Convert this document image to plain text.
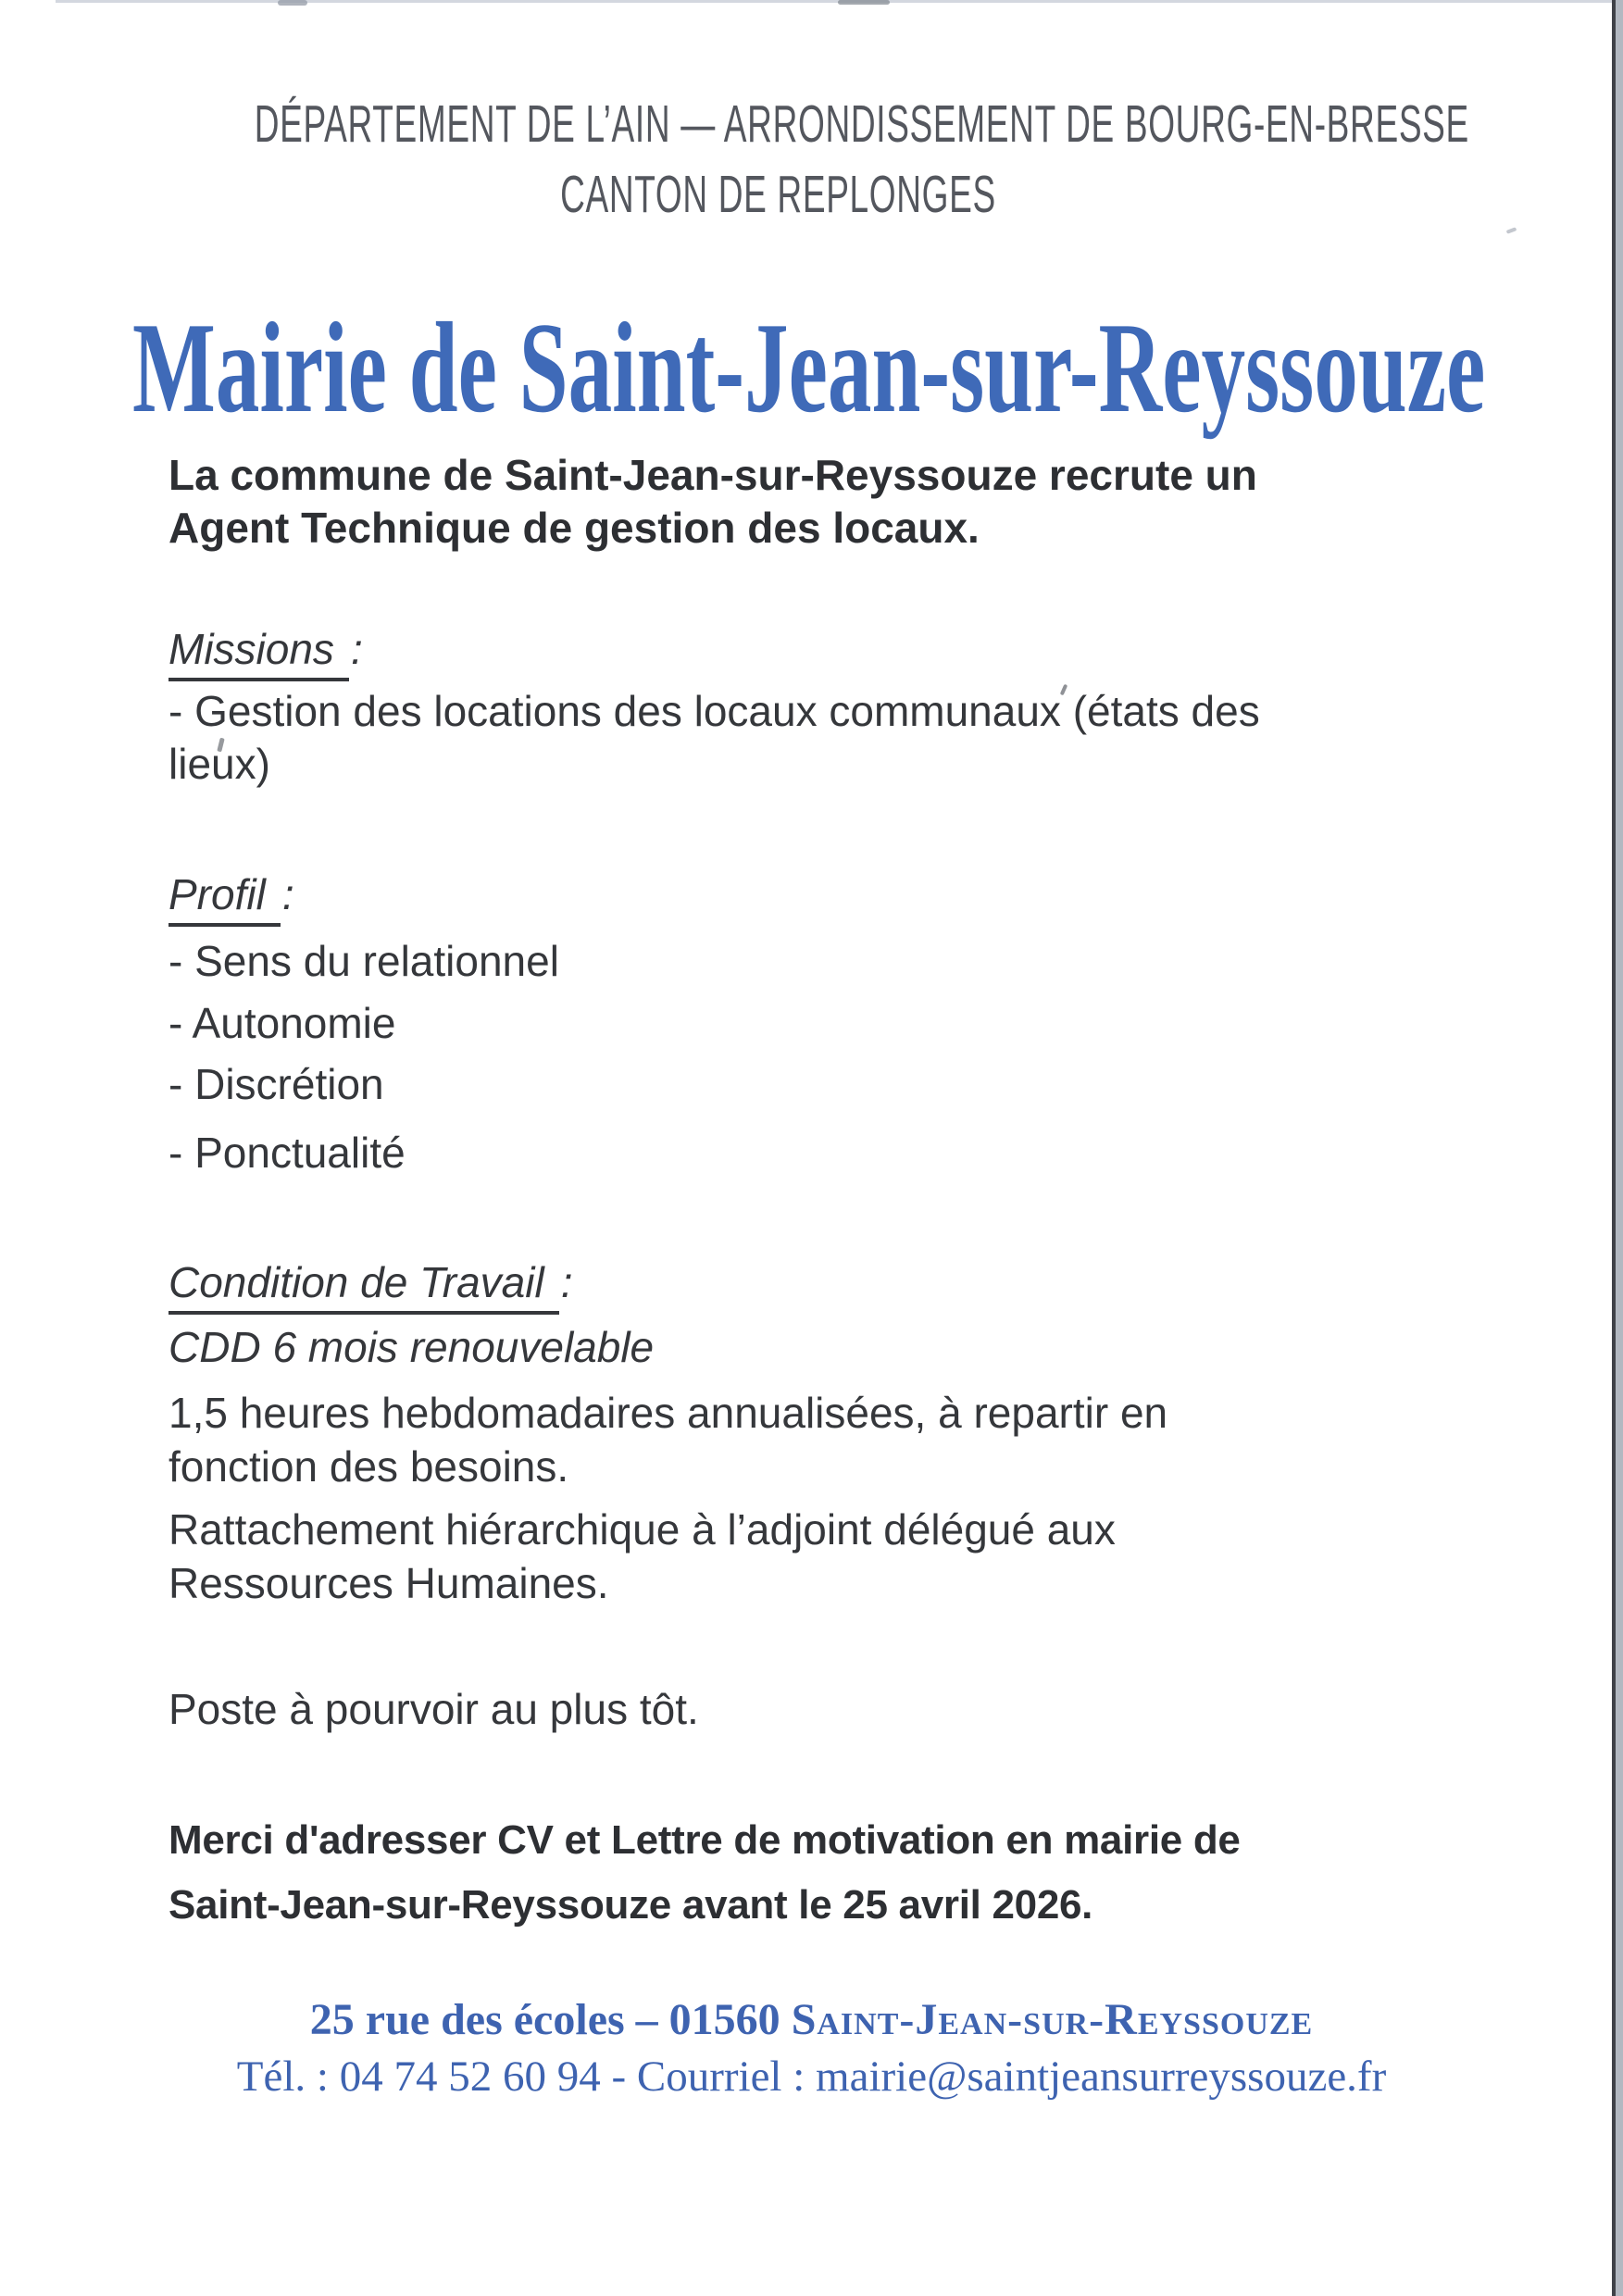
DÉPARTEMENT DE L’AIN — ARRONDISSEMENT DE BOURG-EN-BRESSE
CANTON DE REPLONGES
Mairie de Saint-Jean-sur-Reyssouze
La commune de Saint-Jean-sur-Reyssouze recrute un
Agent Technique de gestion des locaux.
Missions :
- Gestion des locations des locaux communaux (états des
lieux)
Profil :
- Sens du relationnel
- Autonomie
- Discrétion
- Ponctualité
Condition de Travail :
CDD 6 mois renouvelable
1,5 heures hebdomadaires annualisées, à repartir en
fonction des besoins.
Rattachement hiérarchique à l’adjoint délégué aux
Ressources Humaines.
Poste à pourvoir au plus tôt.
Merci d'adresser CV et Lettre de motivation en mairie de
Saint-Jean-sur-Reyssouze avant le 25 avril 2026.
25 rue des écoles – 01560 Saint-Jean-sur-Reyssouze
Tél. : 04 74 52 60 94 - Courriel : mairie@saintjeansurreyssouze.fr
